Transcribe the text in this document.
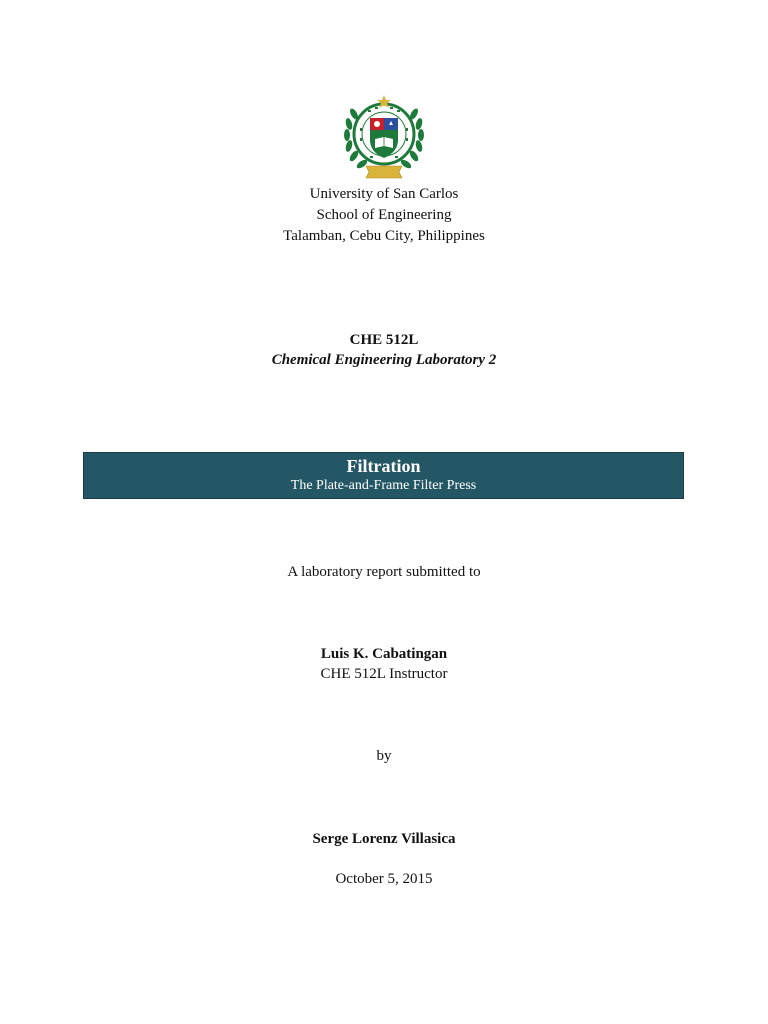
University of San Carlos
School of Engineering
Talamban, Cebu City, Philippines
CHE 512L
Chemical Engineering Laboratory 2
Filtration
The Plate-and-Frame Filter Press
A laboratory report submitted to
Luis K. Cabatingan
CHE 512L Instructor
by
Serge Lorenz Villasica
October 5, 2015
